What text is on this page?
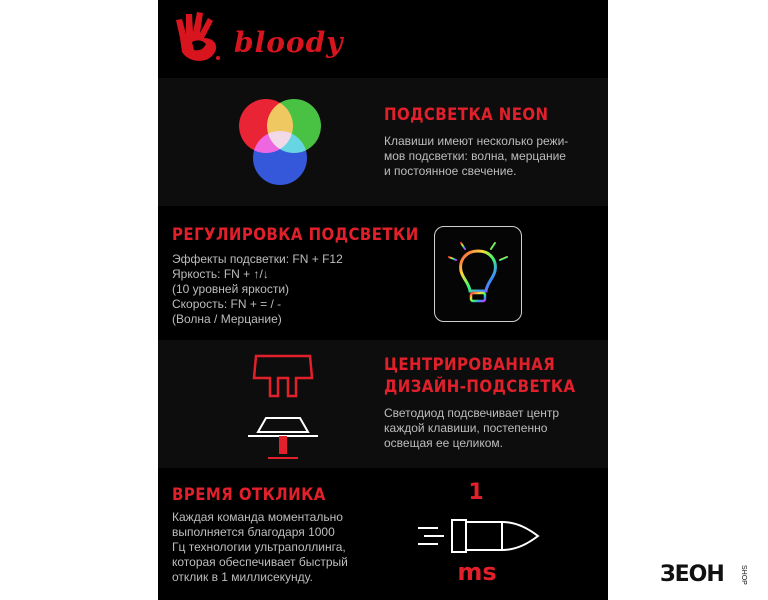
bloody
ПОДСВЕТКА NEON
Клавиши имеют несколько режи-
мов подсветки: волна, мерцание
и постоянное свечение.
РЕГУЛИРОВКА ПОДСВЕТКИ
Эффекты подсветки: FN + F12
Яркость: FN + ↑/↓
(10 уровней яркости)
Скорость: FN + = / -
(Волна / Мерцание)
ЦЕНТРИРОВАННАЯ
ДИЗАЙН-ПОДСВЕТКА
Светодиод подсвечивает центр
каждой клавиши, постепенно
освещая ее целиком.
ВРЕМЯ ОТКЛИКА
Каждая команда моментально
выполняется благодаря 1000
Гц технологии ультраполлинга,
которая обеспечивает быстрый
отклик в 1 миллисекунду.
1
ms	ЗЕОН SHOP
